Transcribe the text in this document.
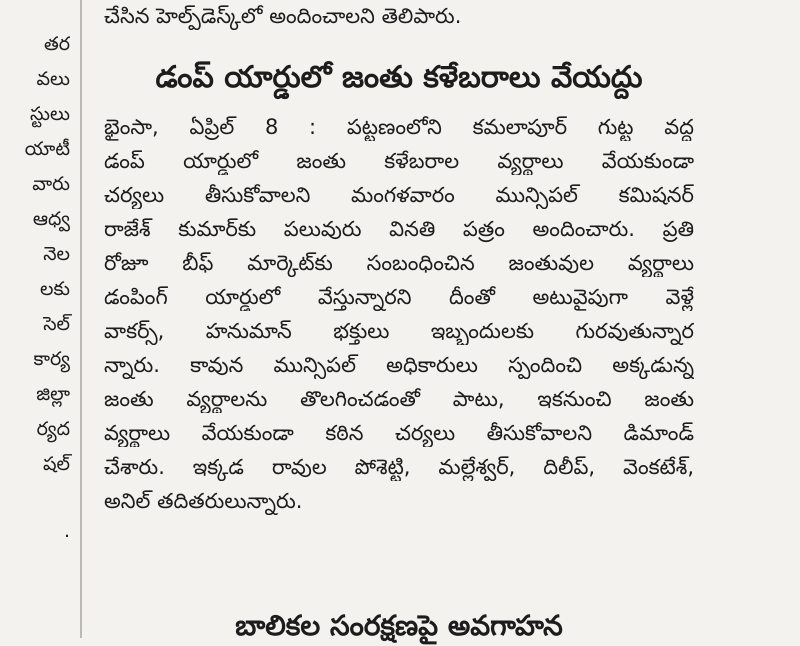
తర
వలు
స్టులు
యాటీ
వారు
ఆధ్వ
నెల
లకు
సెల్
కార్య
జిల్లా
ర్యద
షల్
.
చేసిన హెల్ప్‌డెస్క్‌లో అందించాలని తెలిపారు.
డంప్ యార్డులో జంతు కళేబరాలు వేయద్దు
భైంసా, ఏప్రిల్ 8 : పట్టణంలోని కమలాపూర్ గుట్ట వద్ద
డంప్ యార్డులో జంతు కళేబరాల వ్యర్థాలు వేయకుండా
చర్యలు తీసుకోవాలని మంగళవారం మున్సిపల్ కమిషనర్
రాజేశ్ కుమార్‌కు పలువురు వినతి పత్రం అందించారు. ప్రతి
రోజూ బీఫ్ మార్కెట్‌కు సంబంధించిన జంతువుల వ్యర్థాలు
డంపింగ్ యార్డులో వేస్తున్నారని దీంతో అటువైపుగా వెళ్లే
వాకర్స్, హనుమాన్ భక్తులు ఇబ్బందులకు గురవుతున్నార
న్నారు. కావున మున్సిపల్ అధికారులు స్పందించి అక్కడున్న
జంతు వ్యర్థాలను తొలగించడంతో పాటు, ఇకనుంచి జంతు
వ్యర్థాలు వేయకుండా కఠిన చర్యలు తీసుకోవాలని డిమాండ్
చేశారు. ఇక్కడ రావుల పోశెట్టి, మల్లేశ్వర్, దిలీప్, వెంకటేశ్,
అనిల్ తదితరులున్నారు.
బాలికల సంరక్షణపై అవగాహన
